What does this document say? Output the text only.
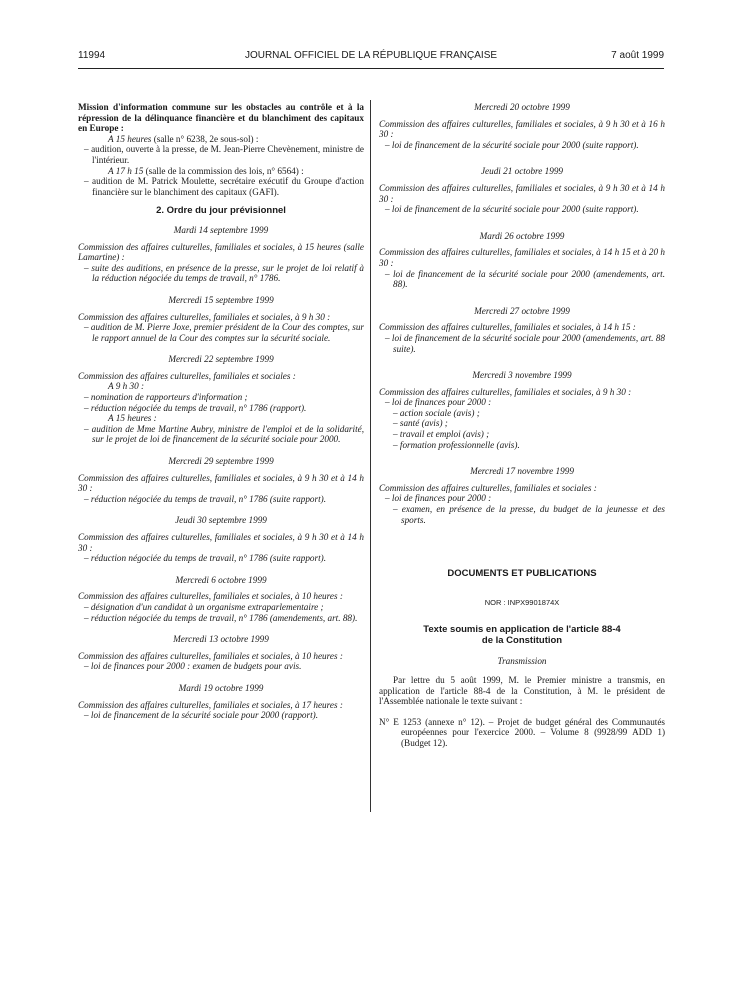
11994	JOURNAL OFFICIEL DE LA RÉPUBLIQUE FRANÇAISE	7 août 1999

Mission d'information commune sur les obstacles au contrôle et à la répression de la délinquance financière et du blanchiment des capitaux en Europe :

A 15 heures (salle n° 6238, 2e sous-sol) :

– audition, ouverte à la presse, de M. Jean-Pierre Chevènement, ministre de l'intérieur.

A 17 h 15 (salle de la commission des lois, n° 6564) :

– audition de M. Patrick Moulette, secrétaire exécutif du Groupe d'action financière sur le blanchiment des capitaux (GAFI).

2. Ordre du jour prévisionnel

Mardi 14 septembre 1999

Commission des affaires culturelles, familiales et sociales, à 15 heures (salle Lamartine) :

– suite des auditions, en présence de la presse, sur le projet de loi relatif à la réduction négociée du temps de travail, n° 1786.

Mercredi 15 septembre 1999

Commission des affaires culturelles, familiales et sociales, à 9 h 30 :

– audition de M. Pierre Joxe, premier président de la Cour des comptes, sur le rapport annuel de la Cour des comptes sur la sécurité sociale.

Mercredi 22 septembre 1999

Commission des affaires culturelles, familiales et sociales :

A 9 h 30 :

– nomination de rapporteurs d'information ;

– réduction négociée du temps de travail, n° 1786 (rapport).

A 15 heures :

– audition de Mme Martine Aubry, ministre de l'emploi et de la solidarité, sur le projet de loi de financement de la sécurité sociale pour 2000.

Mercredi 29 septembre 1999

Commission des affaires culturelles, familiales et sociales, à 9 h 30 et à 14 h 30 :

– réduction négociée du temps de travail, n° 1786 (suite rapport).

Jeudi 30 septembre 1999

Commission des affaires culturelles, familiales et sociales, à 9 h 30 et à 14 h 30 :

– réduction négociée du temps de travail, n° 1786 (suite rapport).

Mercredi 6 octobre 1999

Commission des affaires culturelles, familiales et sociales, à 10 heures :

– désignation d'un candidat à un organisme extraparlementaire ;

– réduction négociée du temps de travail, n° 1786 (amendements, art. 88).

Mercredi 13 octobre 1999

Commission des affaires culturelles, familiales et sociales, à 10 heures :

– loi de finances pour 2000 : examen de budgets pour avis.

Mardi 19 octobre 1999

Commission des affaires culturelles, familiales et sociales, à 17 heures :

– loi de financement de la sécurité sociale pour 2000 (rapport).

Mercredi 20 octobre 1999

Commission des affaires culturelles, familiales et sociales, à 9 h 30 et à 16 h 30 :

– loi de financement de la sécurité sociale pour 2000 (suite rapport).

Jeudi 21 octobre 1999

Commission des affaires culturelles, familiales et sociales, à 9 h 30 et à 14 h 30 :

– loi de financement de la sécurité sociale pour 2000 (suite rapport).

Mardi 26 octobre 1999

Commission des affaires culturelles, familiales et sociales, à 14 h 15 et à 20 h 30 :

– loi de financement de la sécurité sociale pour 2000 (amendements, art. 88).

Mercredi 27 octobre 1999

Commission des affaires culturelles, familiales et sociales, à 14 h 15 :

– loi de financement de la sécurité sociale pour 2000 (amendements, art. 88 suite).

Mercredi 3 novembre 1999

Commission des affaires culturelles, familiales et sociales, à 9 h 30 :

– loi de finances pour 2000 :

– action sociale (avis) ;

– santé (avis) ;

– travail et emploi (avis) ;

– formation professionnelle (avis).

Mercredi 17 novembre 1999

Commission des affaires culturelles, familiales et sociales :

– loi de finances pour 2000 :

– examen, en présence de la presse, du budget de la jeunesse et des sports.

DOCUMENTS ET PUBLICATIONS

NOR : INPX9901874X

Texte soumis en application de l'article 88-4

de la Constitution

Transmission

Par lettre du 5 août 1999, M. le Premier ministre a transmis, en application de l'article 88-4 de la Constitution, à M. le président de l'Assemblée nationale le texte suivant :

N° E 1253 (annexe n° 12). – Projet de budget général des Communautés européennes pour l'exercice 2000. – Volume 8 (9928/99 ADD 1) (Budget 12).
